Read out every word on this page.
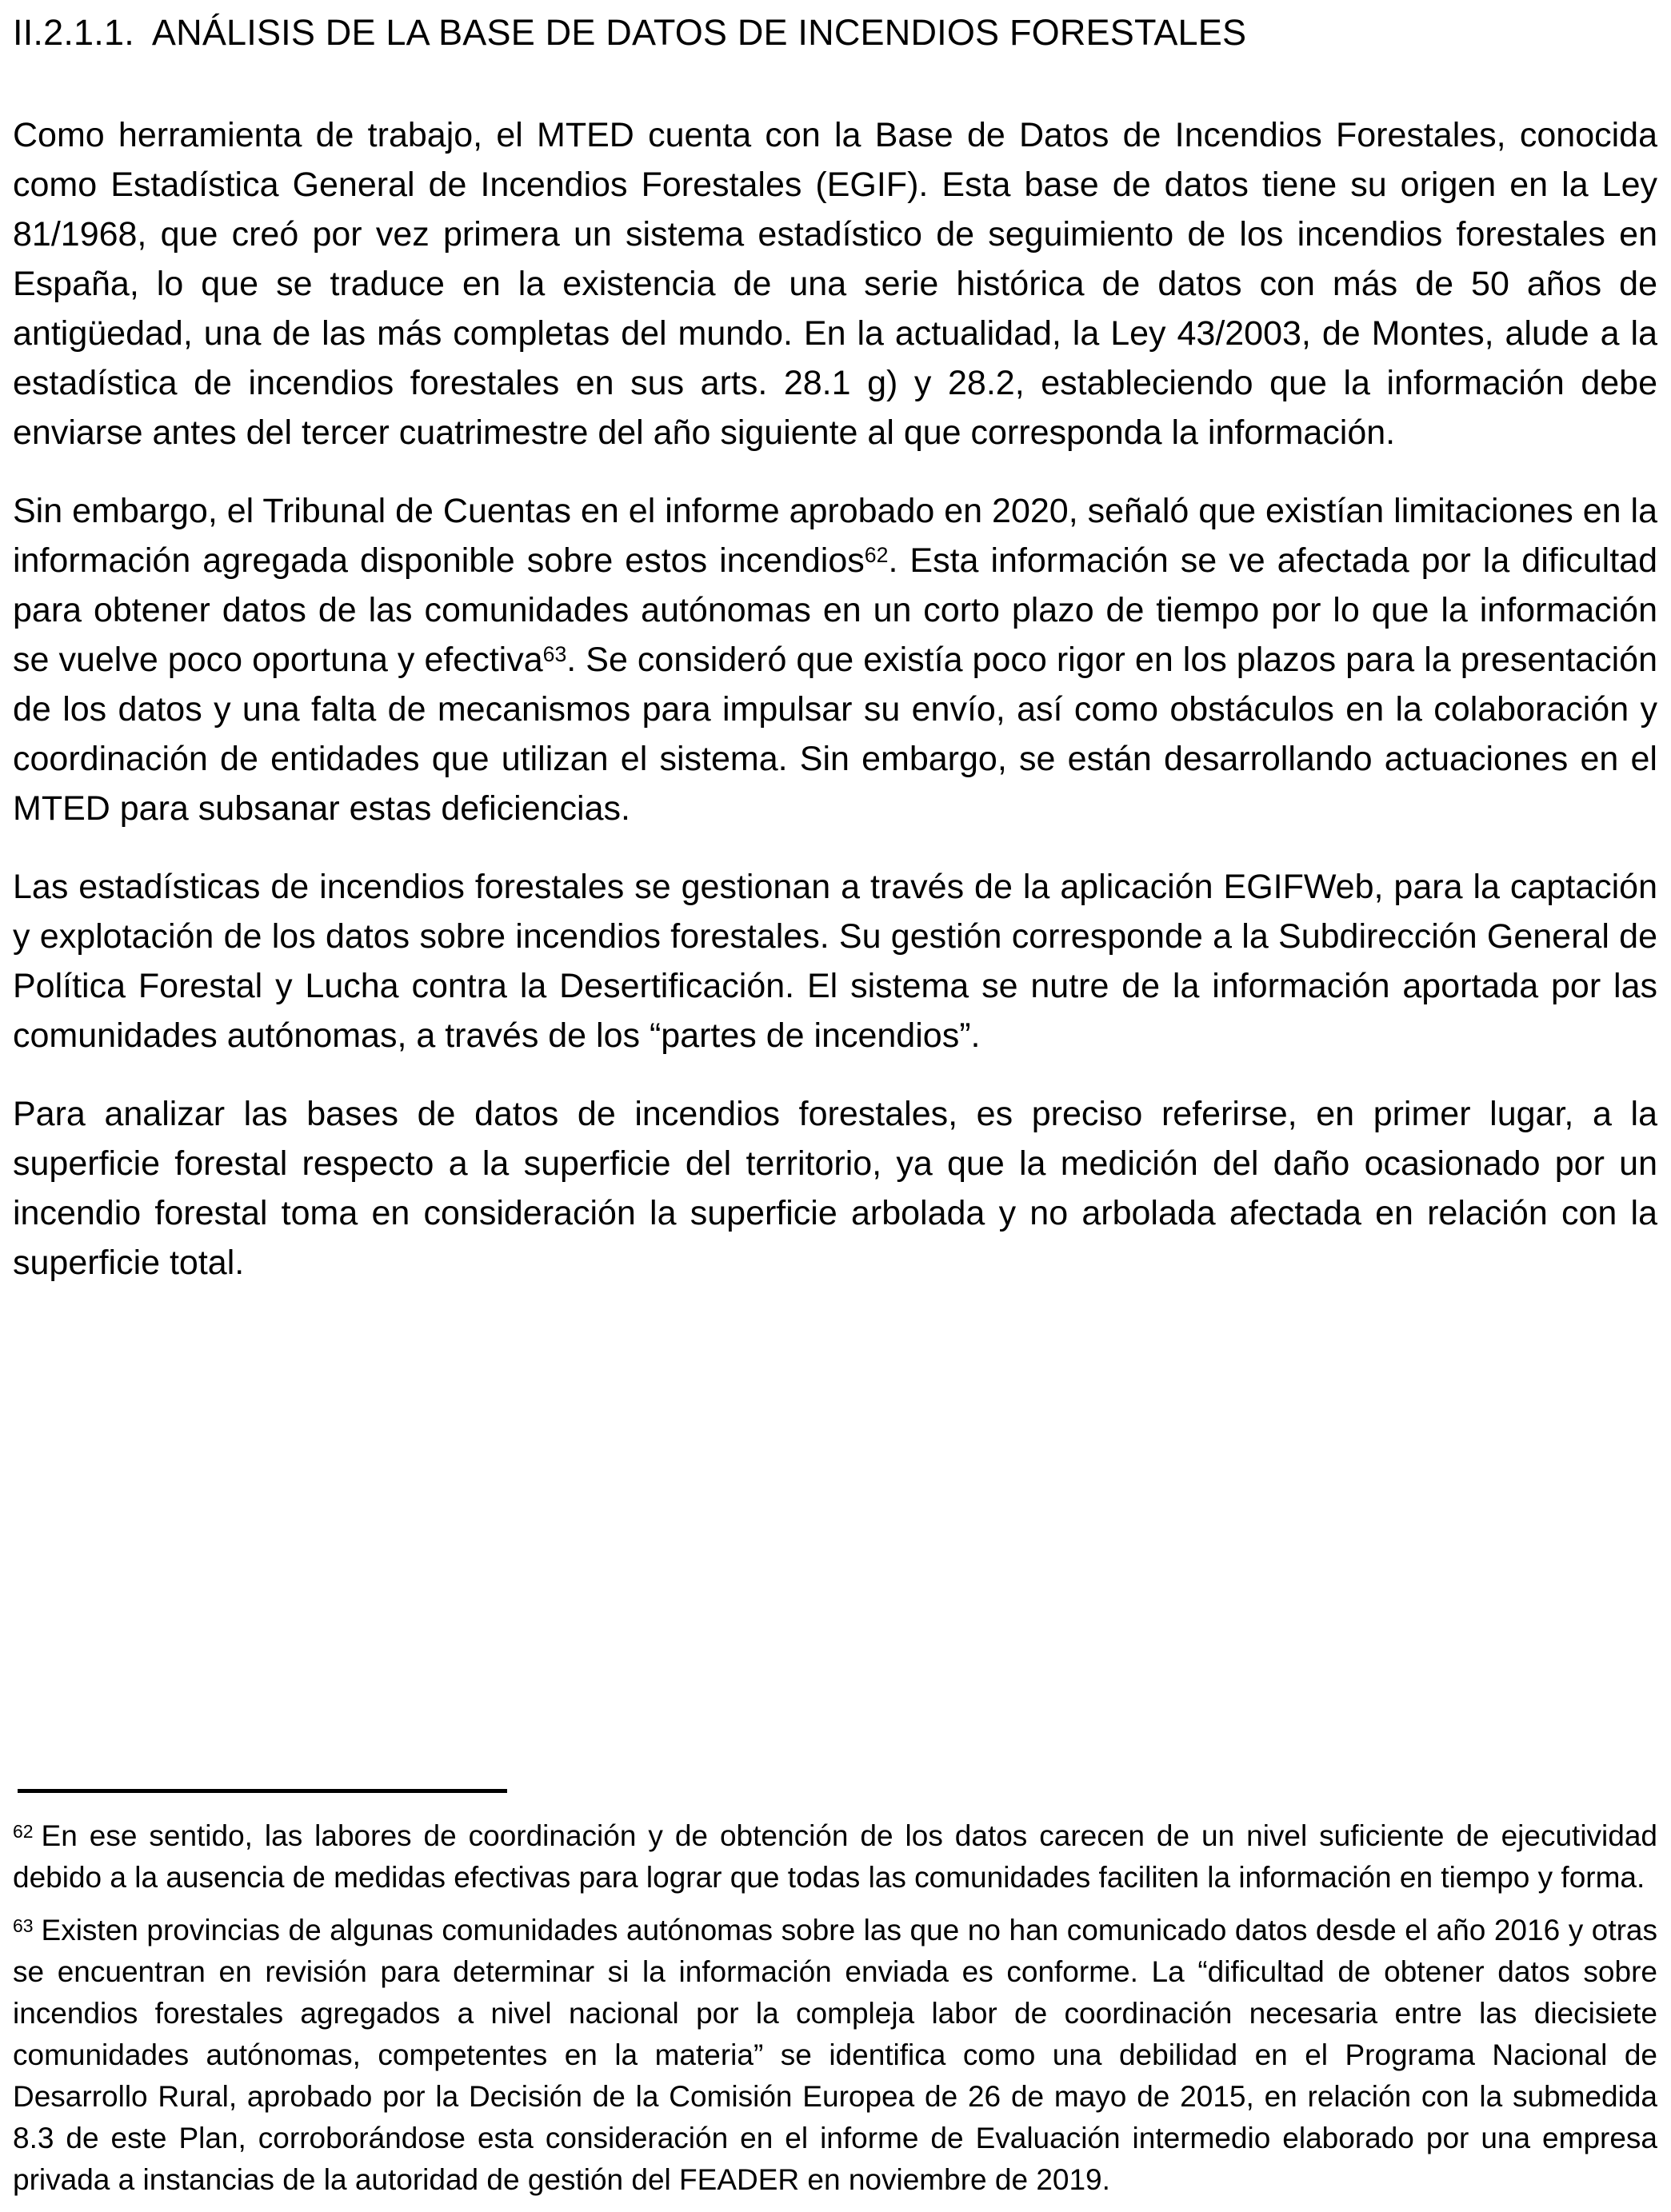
II.2.1.1. ANÁLISIS DE LA BASE DE DATOS DE INCENDIOS FORESTALES

Como herramienta de trabajo, el MTED cuenta con la Base de Datos de Incendios Forestales, conocida como Estadística General de Incendios Forestales (EGIF). Esta base de datos tiene su origen en la Ley 81/1968, que creó por vez primera un sistema estadístico de seguimiento de los incendios forestales en España, lo que se traduce en la existencia de una serie histórica de datos con más de 50 años de antigüedad, una de las más completas del mundo. En la actualidad, la Ley 43/2003, de Montes, alude a la estadística de incendios forestales en sus arts. 28.1 g) y 28.2, estableciendo que la información debe enviarse antes del tercer cuatrimestre del año siguiente al que corresponda la información.

Sin embargo, el Tribunal de Cuentas en el informe aprobado en 2020, señaló que existían limitaciones en la información agregada disponible sobre estos incendios$^{62}$. Esta información se ve afectada por la dificultad para obtener datos de las comunidades autónomas en un corto plazo de tiempo por lo que la información se vuelve poco oportuna y efectiva$^{63}$. Se consideró que existía poco rigor en los plazos para la presentación de los datos y una falta de mecanismos para impulsar su envío, así como obstáculos en la colaboración y coordinación de entidades que utilizan el sistema. Sin embargo, se están desarrollando actuaciones en el MTED para subsanar estas deficiencias.

Las estadísticas de incendios forestales se gestionan a través de la aplicación EGIFWeb, para la captación y explotación de los datos sobre incendios forestales. Su gestión corresponde a la Subdirección General de Política Forestal y Lucha contra la Desertificación. El sistema se nutre de la información aportada por las comunidades autónomas, a través de los “partes de incendios”.

Para analizar las bases de datos de incendios forestales, es preciso referirse, en primer lugar, a la superficie forestal respecto a la superficie del territorio, ya que la medición del daño ocasionado por un incendio forestal toma en consideración la superficie arbolada y no arbolada afectada en relación con la superficie total.

$^{62}$ En ese sentido, las labores de coordinación y de obtención de los datos carecen de un nivel suficiente de ejecutividad debido a la ausencia de medidas efectivas para lograr que todas las comunidades faciliten la información en tiempo y forma.

$^{63}$ Existen provincias de algunas comunidades autónomas sobre las que no han comunicado datos desde el año 2016 y otras se encuentran en revisión para determinar si la información enviada es conforme. La “dificultad de obtener datos sobre incendios forestales agregados a nivel nacional por la compleja labor de coordinación necesaria entre las diecisiete comunidades autónomas, competentes en la materia” se identifica como una debilidad en el Programa Nacional de Desarrollo Rural, aprobado por la Decisión de la Comisión Europea de 26 de mayo de 2015, en relación con la submedida 8.3 de este Plan, corroborándose esta consideración en el informe de Evaluación intermedio elaborado por una empresa privada a instancias de la autoridad de gestión del FEADER en noviembre de 2019.
